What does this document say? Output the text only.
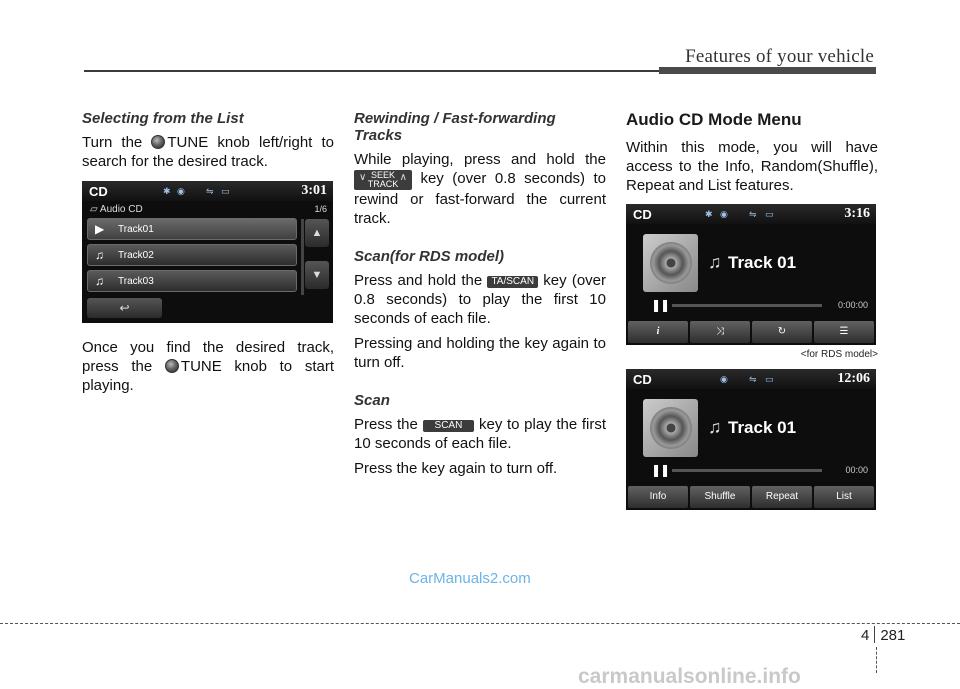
Features of your vehicle
Selecting from the List

Turn the TUNE knob left/right to search for the desired track.

CD	✱ ◉ ⇋ ▭	3:01
▱ Audio CD	1/6
▶ Track01
♫ Track02
♫ Track03
▲
▼
↩

Once you find the desired track, press the TUNE knob to start playing.

Rewinding / Fast-forwarding Tracks

While playing, press and hold the
∨ SEEK
TRACK
∧ key (over 0.8 seconds) to rewind or fast-forward the current track.

Scan(for RDS model)

Press and hold the TA/SCAN key (over 0.8 seconds) to play the first 10 seconds of each file.

Pressing and holding the key again to turn off.

Scan

Press the SCAN key to play the first 10 seconds of each file.

Press the key again to turn off.

Audio CD Mode Menu

Within this mode, you will have access to the Info, Random(Shuffle), Repeat and List features.

CD	✱ ◉ ⇋ ▭	3:16
♫ Track 01
❚❚	0:00:00
i	⤨	↻	☰
<for RDS model>
CD	◉ ⇋ ▭	12:06
♫ Track 01
❚❚	00:00
Info	Shuffle	Repeat	List
CarManuals2.com
4 281
carmanualsonline.info
